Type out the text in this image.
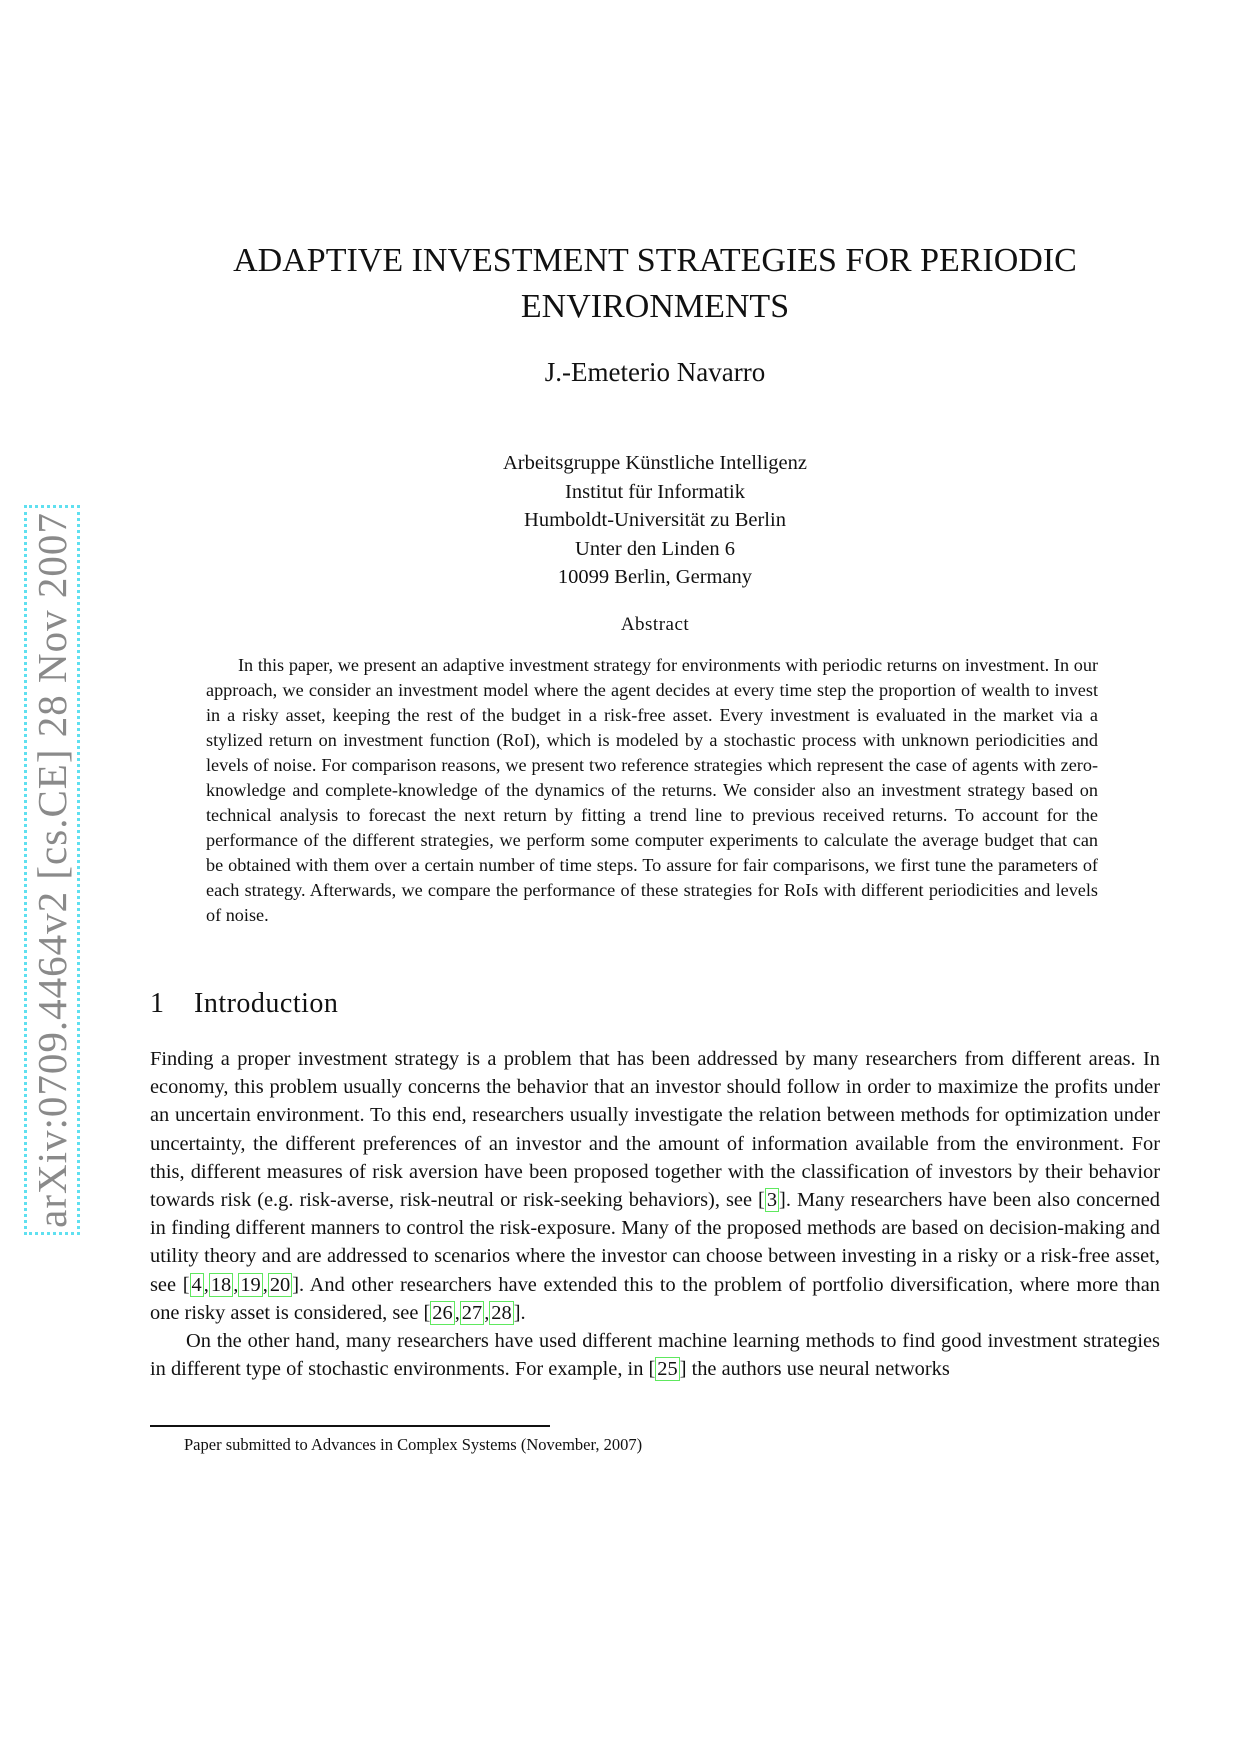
arXiv:0709.4464v2 [cs.CE] 28 Nov 2007
ADAPTIVE INVESTMENT STRATEGIES FOR PERIODIC
ENVIRONMENTS
J.-Emeterio Navarro
Arbeitsgruppe Künstliche Intelligenz
Institut für Informatik
Humboldt-Universität zu Berlin
Unter den Linden 6
10099 Berlin, Germany
Abstract

In this paper, we present an adaptive investment strategy for environments with periodic returns on investment. In our approach, we consider an investment model where the agent decides at every time step the proportion of wealth to invest in a risky asset, keeping the rest of the budget in a risk-free asset. Every investment is evaluated in the market via a stylized return on investment function (RoI), which is modeled by a stochastic process with unknown periodicities and levels of noise. For comparison reasons, we present two reference strategies which represent the case of agents with zero-knowledge and complete-knowledge of the dynamics of the returns. We consider also an investment strategy based on technical analysis to forecast the next return by fitting a trend line to previous received returns. To account for the performance of the different strategies, we perform some computer experiments to calculate the average budget that can be obtained with them over a certain number of time steps. To assure for fair comparisons, we first tune the parameters of each strategy. Afterwards, we compare the performance of these strategies for RoIs with different periodicities and levels of noise.

1 Introduction

Finding a proper investment strategy is a problem that has been addressed by many researchers from different areas. In economy, this problem usually concerns the behavior that an investor should follow in order to maximize the profits under an uncertain environment. To this end, researchers usually investigate the relation between methods for optimization under uncertainty, the different preferences of an investor and the amount of information available from the environment. For this, different measures of risk aversion have been proposed together with the classification of investors by their behavior towards risk (e.g. risk-averse, risk-neutral or risk-seeking behaviors), see [3]. Many researchers have been also concerned in finding different manners to control the risk-exposure. Many of the proposed methods are based on decision-making and utility theory and are addressed to scenarios where the investor can choose between investing in a risky or a risk-free asset, see [4,18,19,20]. And other researchers have extended this to the problem of portfolio diversification, where more than one risky asset is considered, see [26,27,28].

On the other hand, many researchers have used different machine learning methods to find good investment strategies in different type of stochastic environments. For example, in [25] the authors use neural networks

Paper submitted to Advances in Complex Systems (November, 2007)
